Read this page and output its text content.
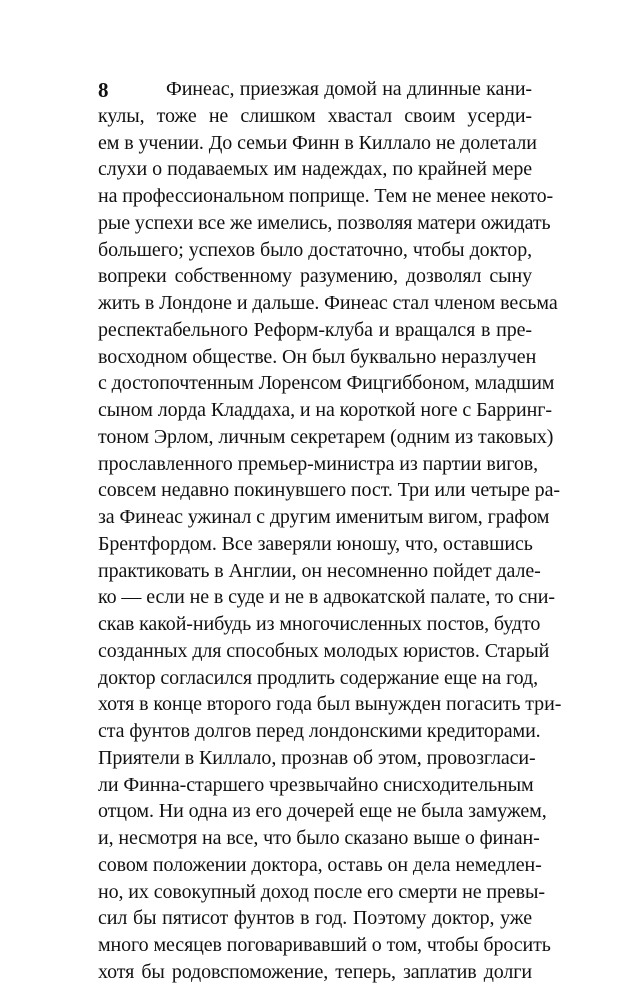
8	Финеас, приезжая домой на длинные кани-
кулы, тоже не слишком хвастал своим усерди-
ем в учении. До семьи Финн в Киллало не долетали
слухи о подаваемых им надеждах, по крайней мере
на профессиональном поприще. Тем не менее некото-
рые успехи все же имелись, позволяя матери ожидать
большего; успехов было достаточно, чтобы доктор,
вопреки собственному разумению, дозволял сыну
жить в Лондоне и дальше. Финеас стал членом весьма
респектабельного Реформ-клуба и вращался в пре-
восходном обществе. Он был буквально неразлучен
с достопочтенным Лоренсом Фицгиббоном, младшим
сыном лорда Кладдаха, и на короткой ноге с Барринг-
тоном Эрлом, личным секретарем (одним из таковых)
прославленного премьер-министра из партии вигов,
совсем недавно покинувшего пост. Три или четыре ра-
за Финеас ужинал с другим именитым вигом, графом
Брентфордом. Все заверяли юношу, что, оставшись
практиковать в Англии, он несомненно пойдет дале-
ко — если не в суде и не в адвокатской палате, то сни-
скав какой-нибудь из многочисленных постов, будто
созданных для способных молодых юристов. Старый
доктор согласился продлить содержание еще на год,
хотя в конце второго года был вынужден погасить три-
ста фунтов долгов перед лондонскими кредиторами.
Приятели в Киллало, прознав об этом, провозгласи-
ли Финна-старшего чрезвычайно снисходительным
отцом. Ни одна из его дочерей еще не была замужем,
и, несмотря на все, что было сказано выше о финан-
совом положении доктора, оставь он дела немедлен-
но, их совокупный доход после его смерти не превы-
сил бы пятисот фунтов в год. Поэтому доктор, уже
много месяцев поговаривавший о том, чтобы бросить
хотя бы родовспоможение, теперь, заплатив долги
